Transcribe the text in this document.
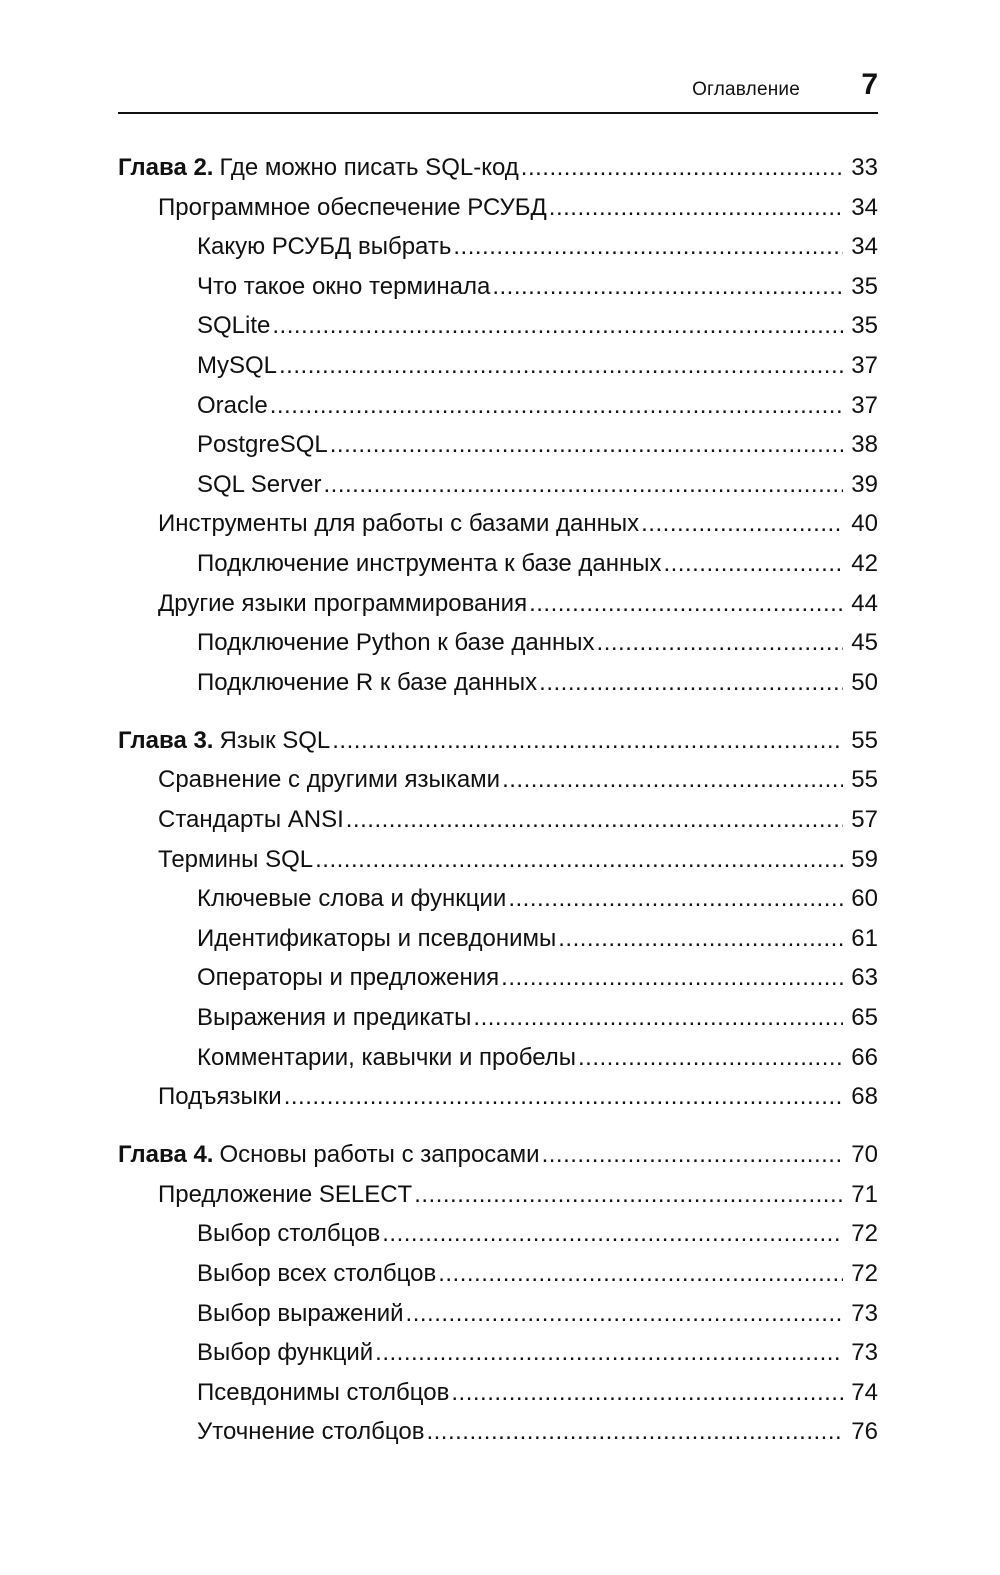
Оглавление 7
Глава 2. Где можно писать SQL-код .....	33
Программное обеспечение РСУБД .....	34
Какую РСУБД выбрать .....	34
Что такое окно терминала .....	35
SQLite .....	35
MySQL .....	37
Oracle .....	37
PostgreSQL .....	38
SQL Server .....	39
Инструменты для работы с базами данных .....	40
Подключение инструмента к базе данных .....	42
Другие языки программирования .....	44
Подключение Python к базе данных .....	45
Подключение R к базе данных .....	50
Глава 3. Язык SQL .....	55
Сравнение с другими языками .....	55
Стандарты ANSI .....	57
Термины SQL .....	59
Ключевые слова и функции .....	60
Идентификаторы и псевдонимы .....	61
Операторы и предложения .....	63
Выражения и предикаты .....	65
Комментарии, кавычки и пробелы .....	66
Подъязыки .....	68
Глава 4. Основы работы с запросами .....	70
Предложение SELECT .....	71
Выбор столбцов .....	72
Выбор всех столбцов .....	72
Выбор выражений .....	73
Выбор функций .....	73
Псевдонимы столбцов .....	74
Уточнение столбцов .....	76
